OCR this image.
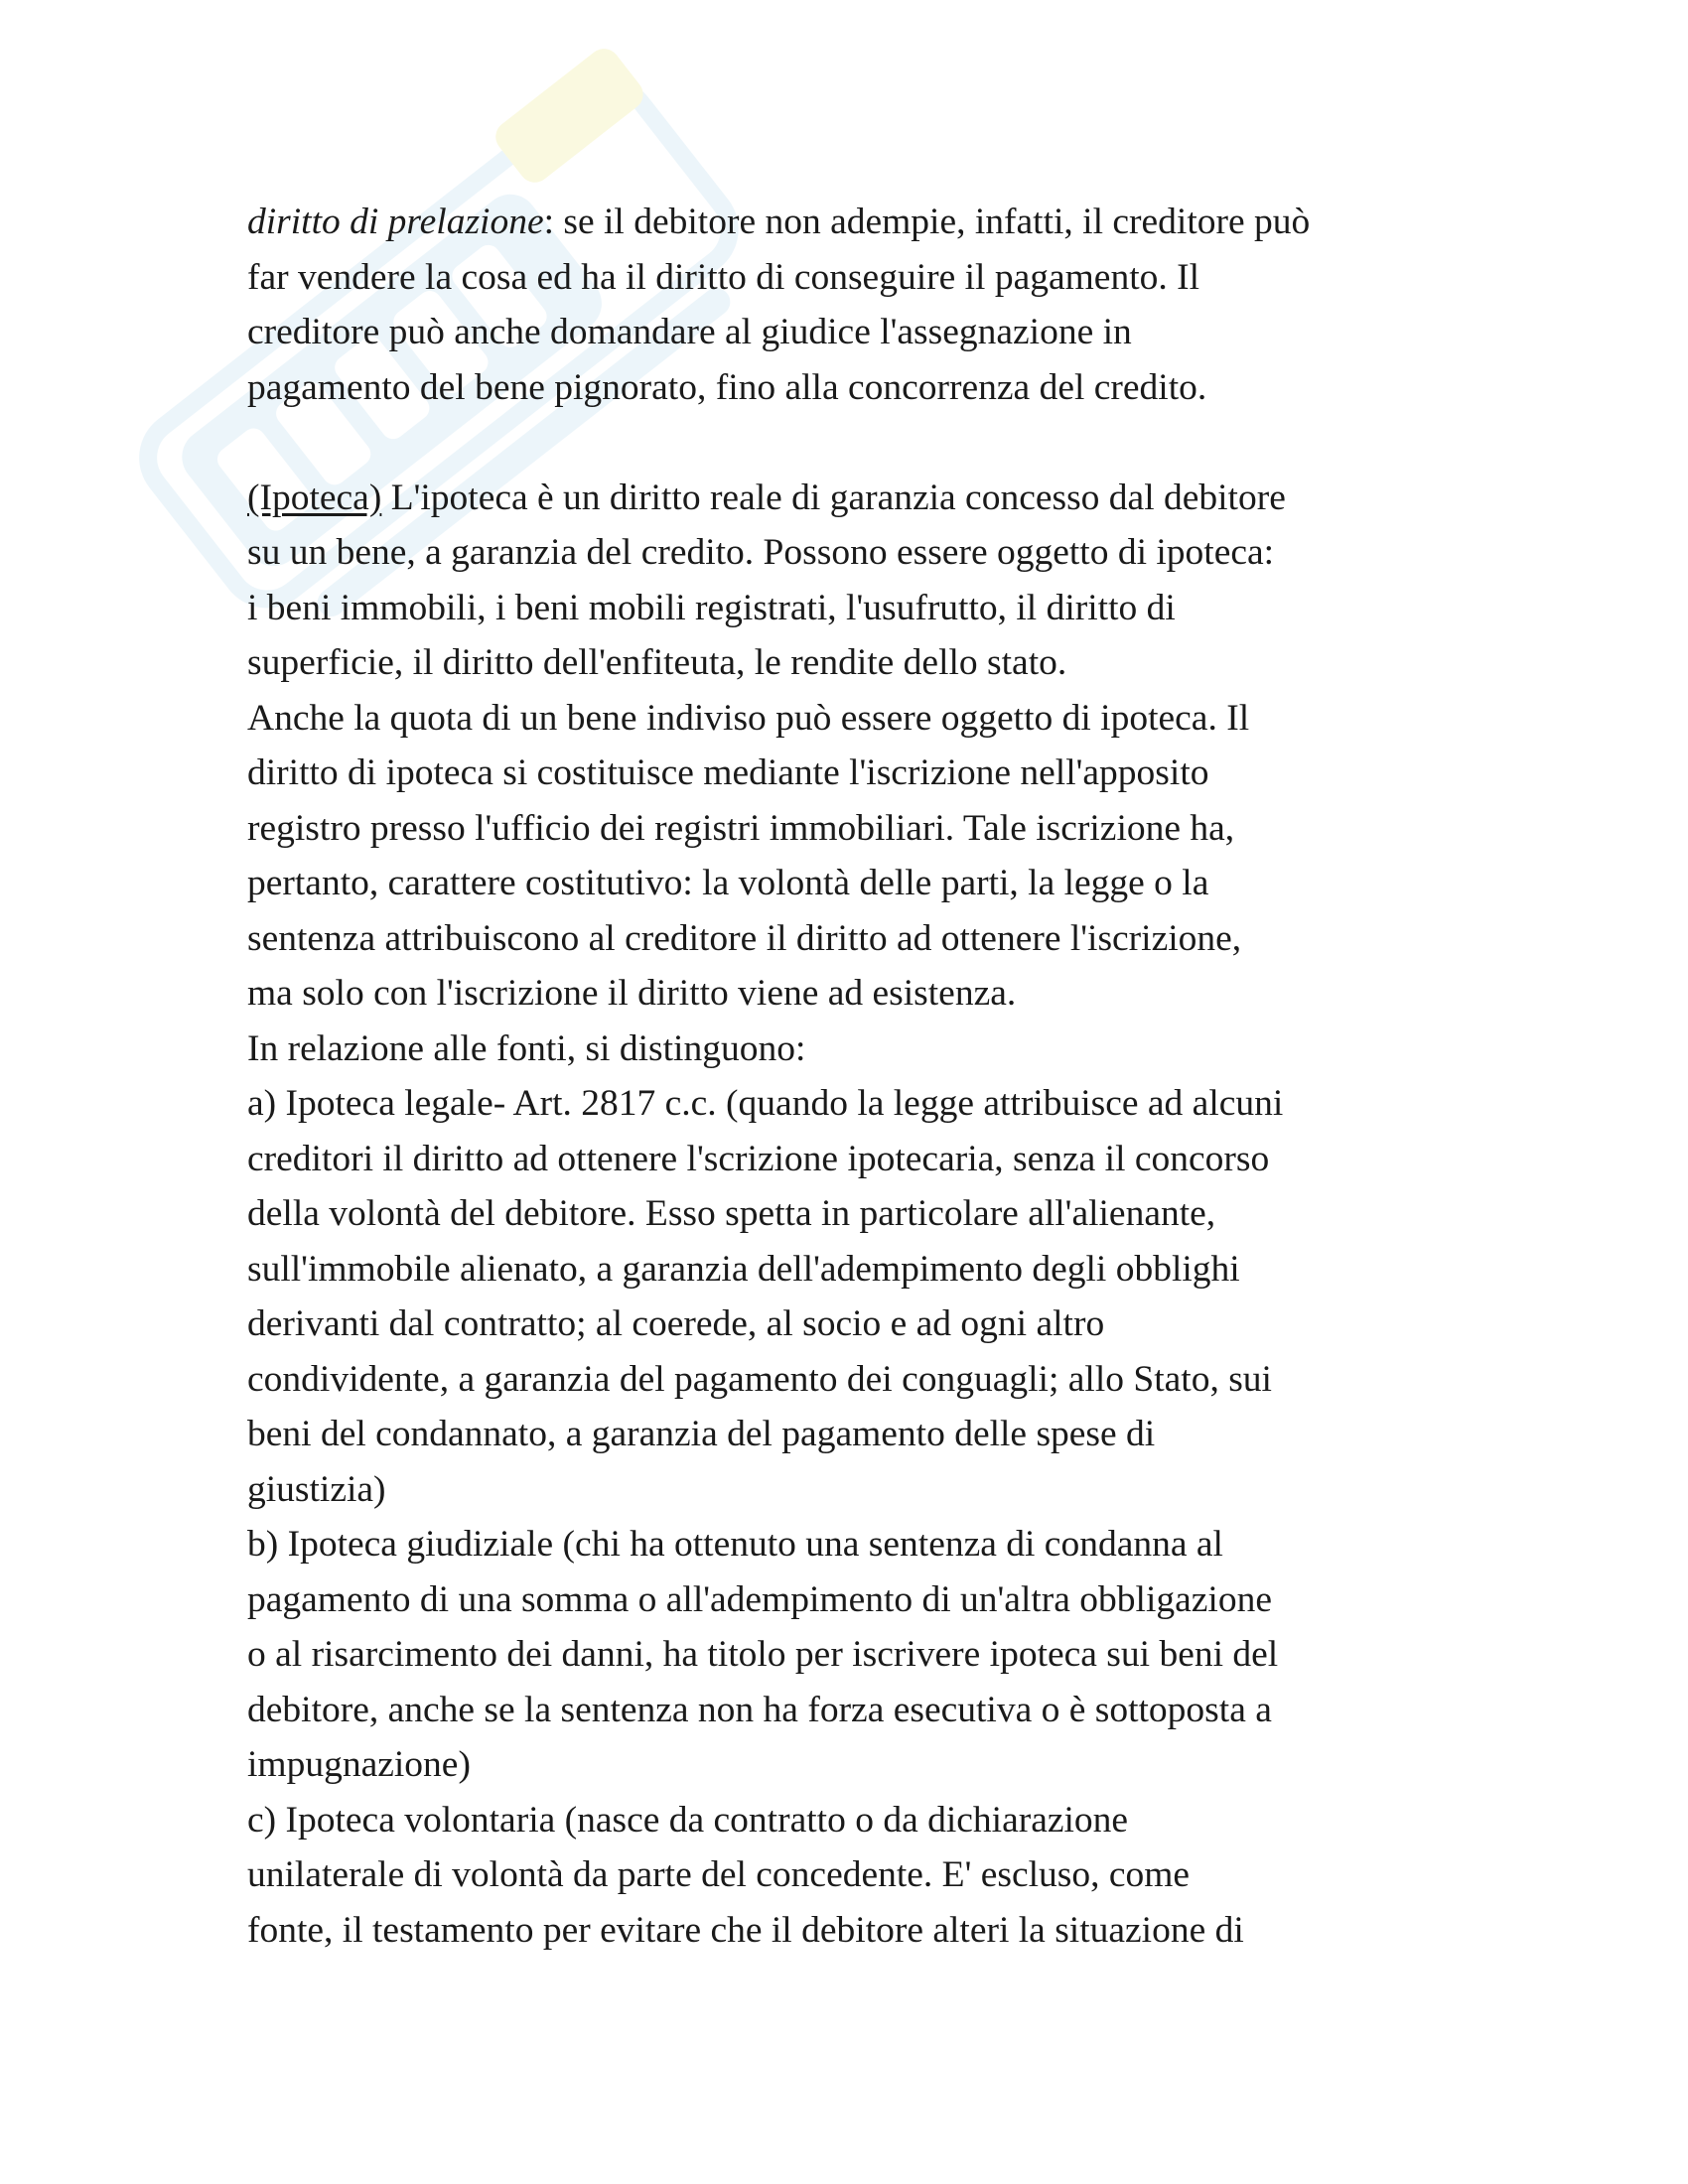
diritto di prelazione: se il debitore non adempie, infatti, il creditore può
far vendere la cosa ed ha il diritto di conseguire il pagamento. Il
creditore può anche domandare al giudice l'assegnazione in
pagamento del bene pignorato, fino alla concorrenza del credito.
(Ipoteca) L'ipoteca è un diritto reale di garanzia concesso dal debitore
su un bene, a garanzia del credito. Possono essere oggetto di ipoteca:
i beni immobili, i beni mobili registrati, l'usufrutto, il diritto di
superficie, il diritto dell'enfiteuta, le rendite dello stato.
Anche la quota di un bene indiviso può essere oggetto di ipoteca. Il
diritto di ipoteca si costituisce mediante l'iscrizione nell'apposito
registro presso l'ufficio dei registri immobiliari. Tale iscrizione ha,
pertanto, carattere costitutivo: la volontà delle parti, la legge o la
sentenza attribuiscono al creditore il diritto ad ottenere l'iscrizione,
ma solo con l'iscrizione il diritto viene ad esistenza.
In relazione alle fonti, si distinguono:
a) Ipoteca legale- Art. 2817 c.c. (quando la legge attribuisce ad alcuni
creditori il diritto ad ottenere l'scrizione ipotecaria, senza il concorso
della volontà del debitore. Esso spetta in particolare all'alienante,
sull'immobile alienato, a garanzia dell'adempimento degli obblighi
derivanti dal contratto; al coerede, al socio e ad ogni altro
condividente, a garanzia del pagamento dei conguagli; allo Stato, sui
beni del condannato, a garanzia del pagamento delle spese di
giustizia)
b) Ipoteca giudiziale (chi ha ottenuto una sentenza di condanna al
pagamento di una somma o all'adempimento di un'altra obbligazione
o al risarcimento dei danni, ha titolo per iscrivere ipoteca sui beni del
debitore, anche se la sentenza non ha forza esecutiva o è sottoposta a
impugnazione)
c) Ipoteca volontaria (nasce da contratto o da dichiarazione
unilaterale di volontà da parte del concedente. E' escluso, come
fonte, il testamento per evitare che il debitore alteri la situazione di
